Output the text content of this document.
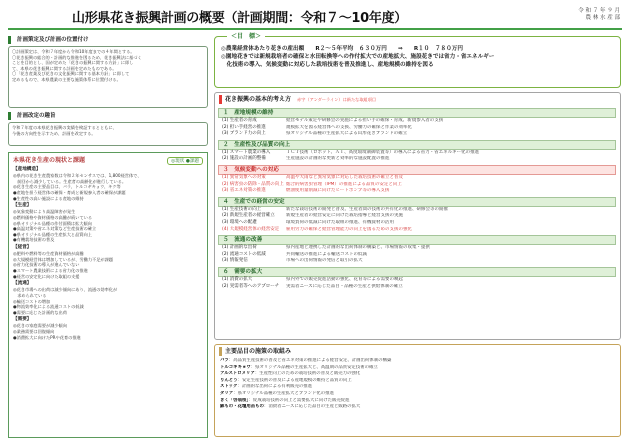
山形県花き振興計画の概要（計画期間：令和７〜10年度）	令 和 ７ 年 ９ 月
農 林 水 産 部
計画策定及び計画の位置付け
〇計画策定は、令和７年度から令和10年度までの４年間とする。
〇花き振興の総合的・計画的な推進を図るため、花き振興法に基づく
ことを目的とし、国が定めた「花きの振興に関する方針」に即し
て、本県の花き振興に関する計画を定めたものである。
〇「花き産業及び花きの文化振興に関する基本方針」に即して
定めるもので、本県農業の主要な施策体系に位置付ける。
計画改定の趣旨
令和７年度の本県花き振興の実績を検証するとともに、
今後の方向性を示すため、計画を改定する。
本県花き生産の現状と課題	◎現状 ●課題
【産地構造】
◎県内の花き生産農家数は令和２年センサスでは、1,800経営体で、
　前回から減少している。生産者の高齢化が進行している。
◎花き生産の主要品目は、バラ、トルコギキョウ、キク等
●産地を担う経営体の確保・育成と新規参入者の確保が課題
●生産性の高い施設による産地の維持
【生産】
◎気象変動により高温障害が発生
◎燃料価格や資材価格の高騰が続いている
◎県オリジナル品種の作付面積は拡大傾向
●高温対策や省エネ対策など生産技術の確立
●県オリジナル品種の生産拡大と品質向上
●有機栽培技術の普及
【経営】
◎肥料や燃料等の生産資材価格が高騰
◎大規模経営体は増加しているが、労働力不足が課題
◎省力化技術の導入が進んでいない
●スマート農業技術による省力化の推進
●経営の安定化に向けた取組の支援
【流通】
◎花き市場への出荷は減少傾向にあり、流通の効率化が
　求められている
◎輸送コストの増加
●物流効率化による流通コストの低減
●需要に応じた計画的な出荷
【需要】
◎花きの家庭需要が減少傾向
◎業務需要は回復傾向
●消費拡大に向けたPRや花育の推進
＜目　標＞
◎農業経営体あたり花きの産出額　　R２〜５年平均　６３０万円　　⇒　　R１０　７８０万円
◎園地花きでは新規栽培者の確保と水田転換等への作付拡大での産地拡大、施設花きでは省力・省エネルギー
　化技術の導入、気候変動に対応した栽培技術を普及推進し、産地規模の維持を図る
花き振興の基本的考え方 赤字（アンダーライン）は新たな取組項目
１　産地規模の維持
(1) 生産者の育成	経営モデル策定や研修会の実施による担い手の確保・育成、新規参入者の支援
(2) 担い手経営の推進	規模拡大を図る経営体への支援、労働力の確保と作業の効率化
(3) ブランド力の向上	県オリジナル品種の生産拡大による山形花きブランドの確立
２　生産性及び品質の向上
(1) スマート農業の導入	ＩＣＴ技術（ロボット、ＡＩ、高度環境制御装置等）の導入による省力・省エネルギー化の推進
(2) 施設の計画的整備	生産施設の計画的な更新と効率的な施設配置の推進
３　気候変動への対応
(1) 異常気象への対策	高温や大雨など異常気象に対応した栽培技術の確立と普及
(2) 病害虫の防除・品質の向上 総合的病害虫管理（IPM）の推進による品質の安定と向上
(3) 省エネ対策の推進	燃油使用量削減に向けたヒートポンプ等の導入支援
４　生産での経営の安定
(1) 生産技術の向上	新たな栽培技術の開発と普及、生産者間の技術の共有化の推進、研修会等の開催
(2) 新規生産者の経営確立	新規生産者の経営安定に向けた栽培指導と経営支援の実施
(3) 環境への配慮	環境負荷の低減に向けた取組の推進、有機資材の活用
(4) 大規模経営体の経営安定	雇用労力の確保と経営管理能力の向上を図るための支援の強化
５　流通の改善
(1) 計画的な出荷	県内産地と連携した計画的な出荷体制の構築と、市場情報の収集・提供
(2) 流通コストの低減	共同輸送の推進による輸送コストの低減
(3) 情報発信	市場への出荷情報の発信と取引の拡大
６　需要の拡大
(1) 消費の拡大	県内外での販売促進活動の強化、花育等による需要の喚起
(2) 実需者等へのアプローチ	実需者ニーズに応じた品目・品種の生産と供給体制の確立
主要品目の施策の取組み
バラ：高品質生産技術の普及と省エネ対策の推進による経営安定、計画出荷体制の構築
トルコギキョウ：県オリジナル品種の生産拡大と、高温期の品質安定技術の確立
アルストロメリア：生産性向上のための栽培技術の普及と販売力の強化
りんどう：安定生産技術の普及による産地規模の維持と品質の向上
ストック：計画的な出荷による有利販売の推進
ダリア：県オリジナル品種の生産拡大とブランド化の推進
きく「啓翁桜」：促成栽培技術の向上と需要拡大に向けた販売促進
鉢もの・花壇用苗もの：消費者ニーズに応じた品目の生産と販路の拡大
